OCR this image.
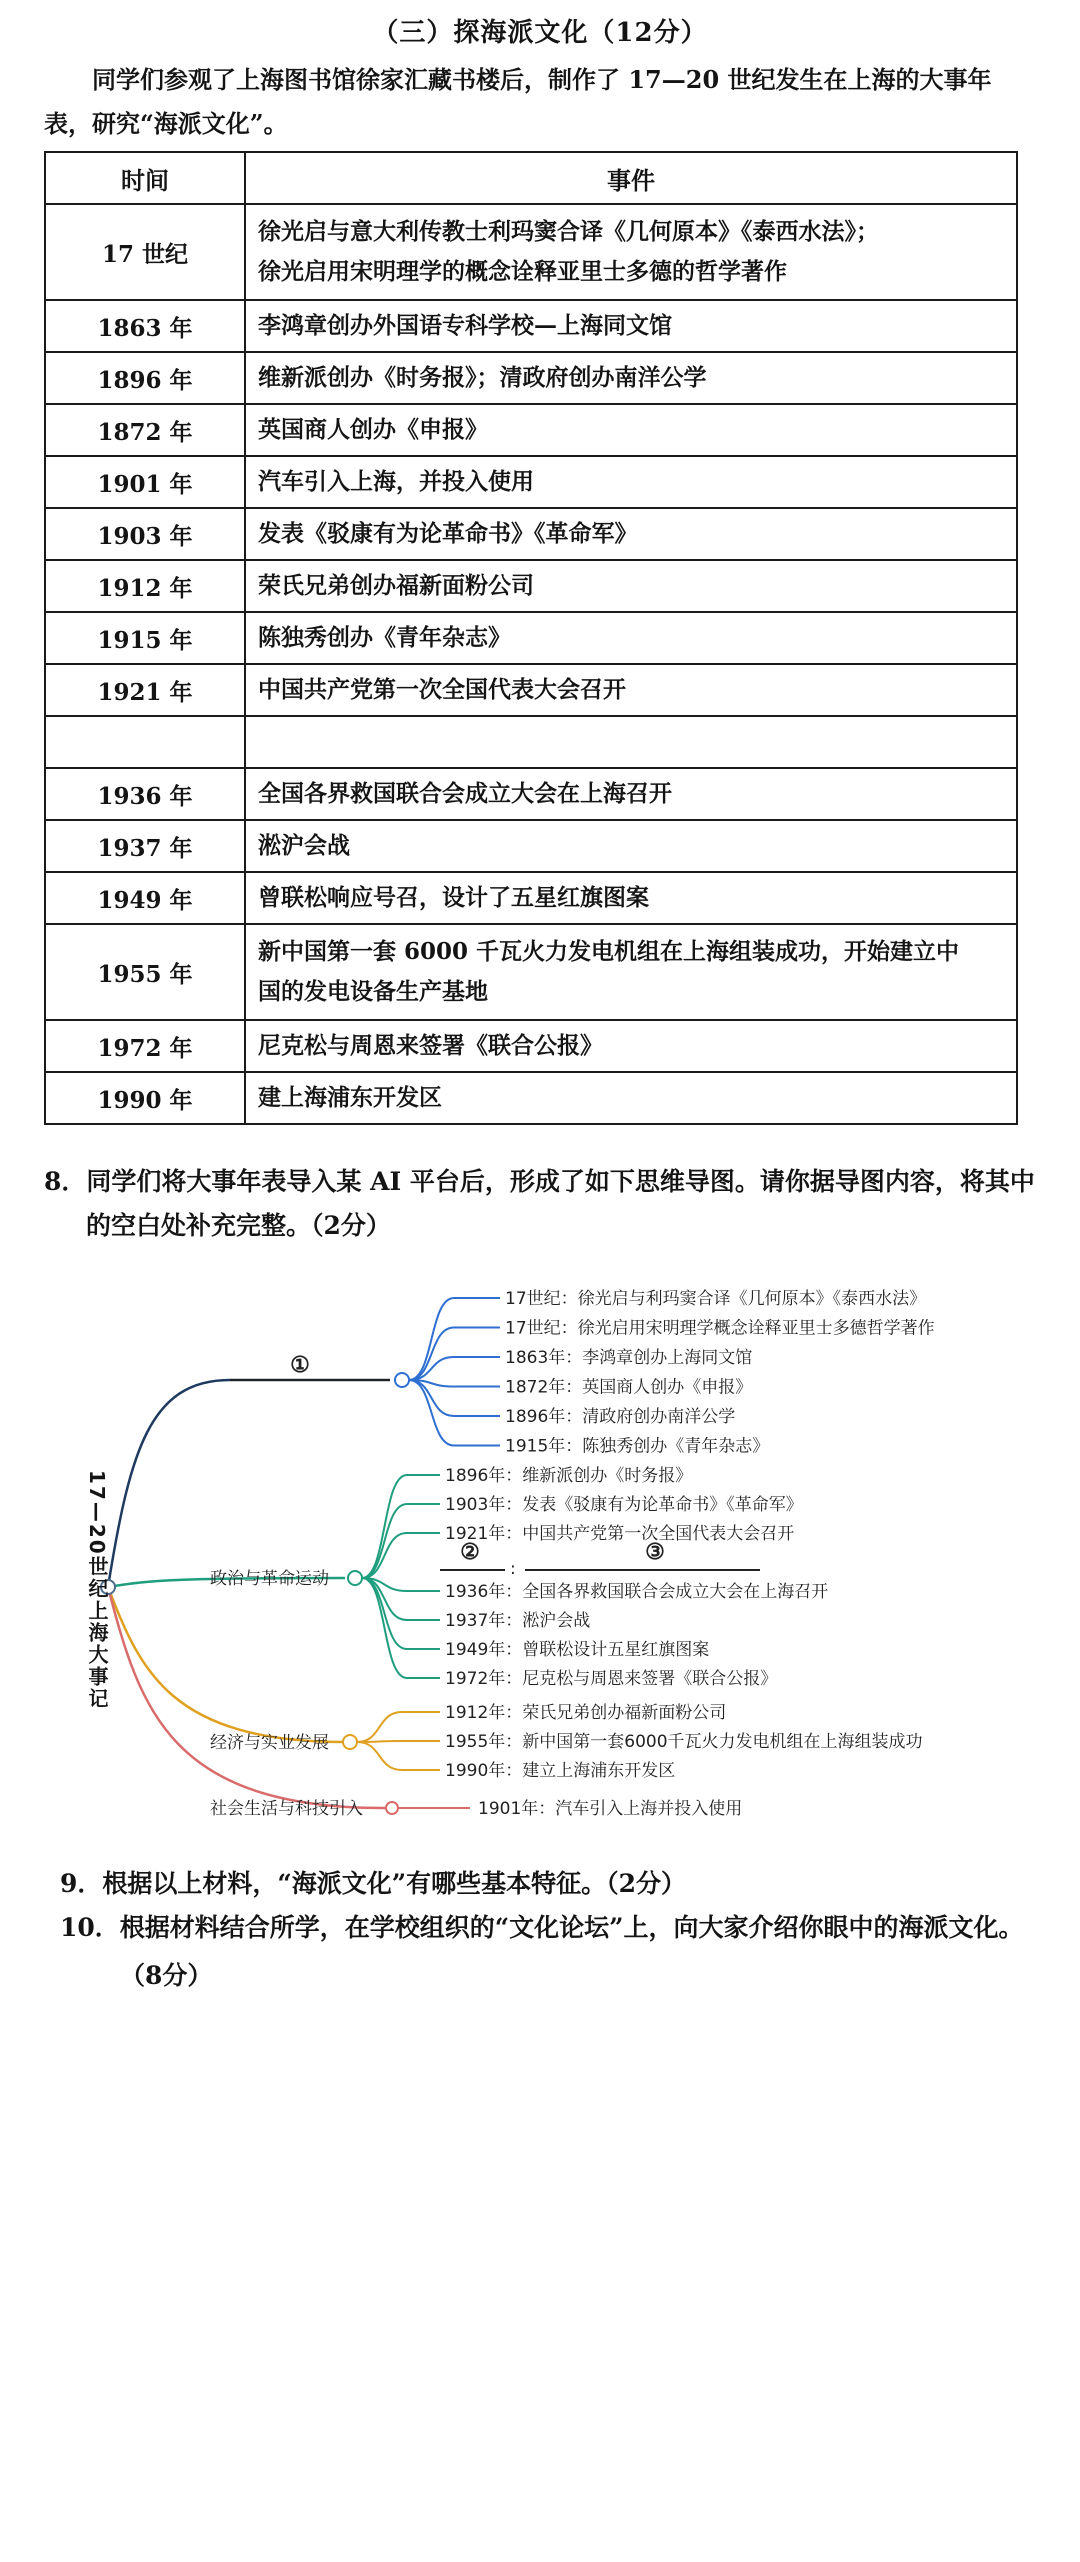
（三）探海派文化（12分）
同学们参观了上海图书馆徐家汇藏书楼后，制作了 17—20 世纪发生在上海的大事年
表，研究“海派文化”。
时间	事件
17 世纪	徐光启与意大利传教士利玛窦合译《几何原本》《泰西水法》；
徐光启用宋明理学的概念诠释亚里士多德的哲学著作

1863 年	李鸿章创办外国语专科学校—上海同文馆
1896 年	维新派创办《时务报》；清政府创办南洋公学
1872 年	英国商人创办《申报》
1901 年	汽车引入上海，并投入使用
1903 年	发表《驳康有为论革命书》《革命军》
1912 年	荣氏兄弟创办福新面粉公司
1915 年	陈独秀创办《青年杂志》
1921 年	中国共产党第一次全国代表大会召开

1936 年	全国各界救国联合会成立大会在上海召开
1937 年	淞沪会战
1949 年	曾联松响应号召，设计了五星红旗图案
1955 年	新中国第一套 6000 千瓦火力发电机组在上海组装成功，开始建立中
国的发电设备生产基地

1972 年	尼克松与周恩来签署《联合公报》
1990 年	建上海浦东开发区
8．同学们将大事年表导入某 AI 平台后，形成了如下思维导图。请你据导图内容，将其中
的空白处补充完整。（2分）
①
17世纪：徐光启与利玛窦合译《几何原本》《泰西水法》
17世纪：徐光启用宋明理学概念诠释亚里士多德哲学著作
1863年：李鸿章创办上海同文馆
1872年：英国商人创办《申报》
1896年：清政府创办南洋公学
1915年：陈独秀创办《青年杂志》
政治与革命运动
1896年：维新派创办《时务报》
1903年：发表《驳康有为论革命书》《革命军》
1921年：中国共产党第一次全国代表大会召开
1936年：全国各界救国联合会成立大会在上海召开
1937年：淞沪会战
1949年：曾联松设计五星红旗图案
1972年：尼克松与周恩来签署《联合公报》
②
:
③
经济与实业发展
1912年：荣氏兄弟创办福新面粉公司
1955年：新中国第一套6000千瓦火力发电机组在上海组装成功
1990年：建立上海浦东开发区
社会生活与科技引入	1901年：汽车引入上海并投入使用
17—20世纪上海大事记
9．根据以上材料，“海派文化”有哪些基本特征。（2分）
10．根据材料结合所学，在学校组织的“文化论坛”上，向大家介绍你眼中的海派文化。
（8分）
